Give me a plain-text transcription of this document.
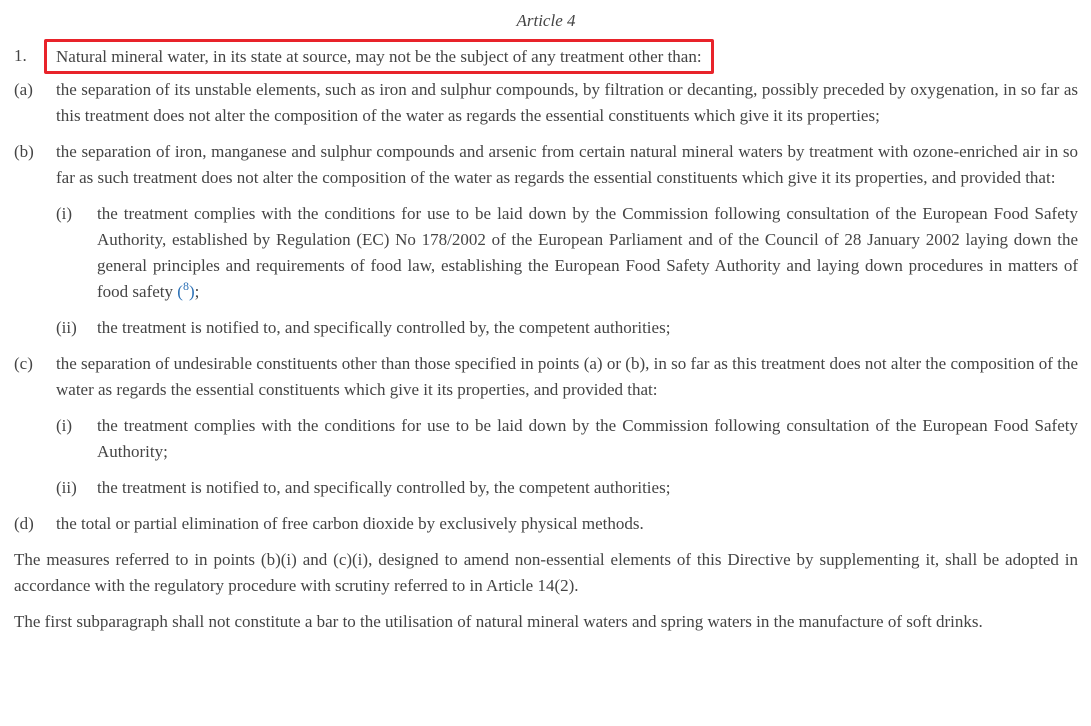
Article 4
1.	Natural mineral water, in its state at source, may not be the subject of any treatment other than:
(a)	the separation of its unstable elements, such as iron and sulphur compounds, by filtration or decanting, possibly preceded by oxygenation, in so far as this treatment does not alter the composition of the water as regards the essential constituents which give it its properties;
(b)	the separation of iron, manganese and sulphur compounds and arsenic from certain natural mineral waters by treatment with ozone-enriched air in so far as such treatment does not alter the composition of the water as regards the essential constituents which give it its properties, and provided that:
(i)	the treatment complies with the conditions for use to be laid down by the Commission following consultation of the European Food Safety Authority, established by Regulation (EC) No 178/2002 of the European Parliament and of the Council of 28 January 2002 laying down the general principles and requirements of food law, establishing the European Food Safety Authority and laying down procedures in matters of food safety ($^8$);
(ii)	the treatment is notified to, and specifically controlled by, the competent authorities;
(c)	the separation of undesirable constituents other than those specified in points (a) or (b), in so far as this treatment does not alter the composition of the water as regards the essential constituents which give it its properties, and provided that:
(i)	the treatment complies with the conditions for use to be laid down by the Commission following consultation of the European Food Safety Authority;
(ii)	the treatment is notified to, and specifically controlled by, the competent authorities;
(d)	the total or partial elimination of free carbon dioxide by exclusively physical methods.
The measures referred to in points (b)(i) and (c)(i), designed to amend non-essential elements of this Directive by supplementing it, shall be adopted in accordance with the regulatory procedure with scrutiny referred to in Article 14(2).
The first subparagraph shall not constitute a bar to the utilisation of natural mineral waters and spring waters in the manufacture of soft drinks.
